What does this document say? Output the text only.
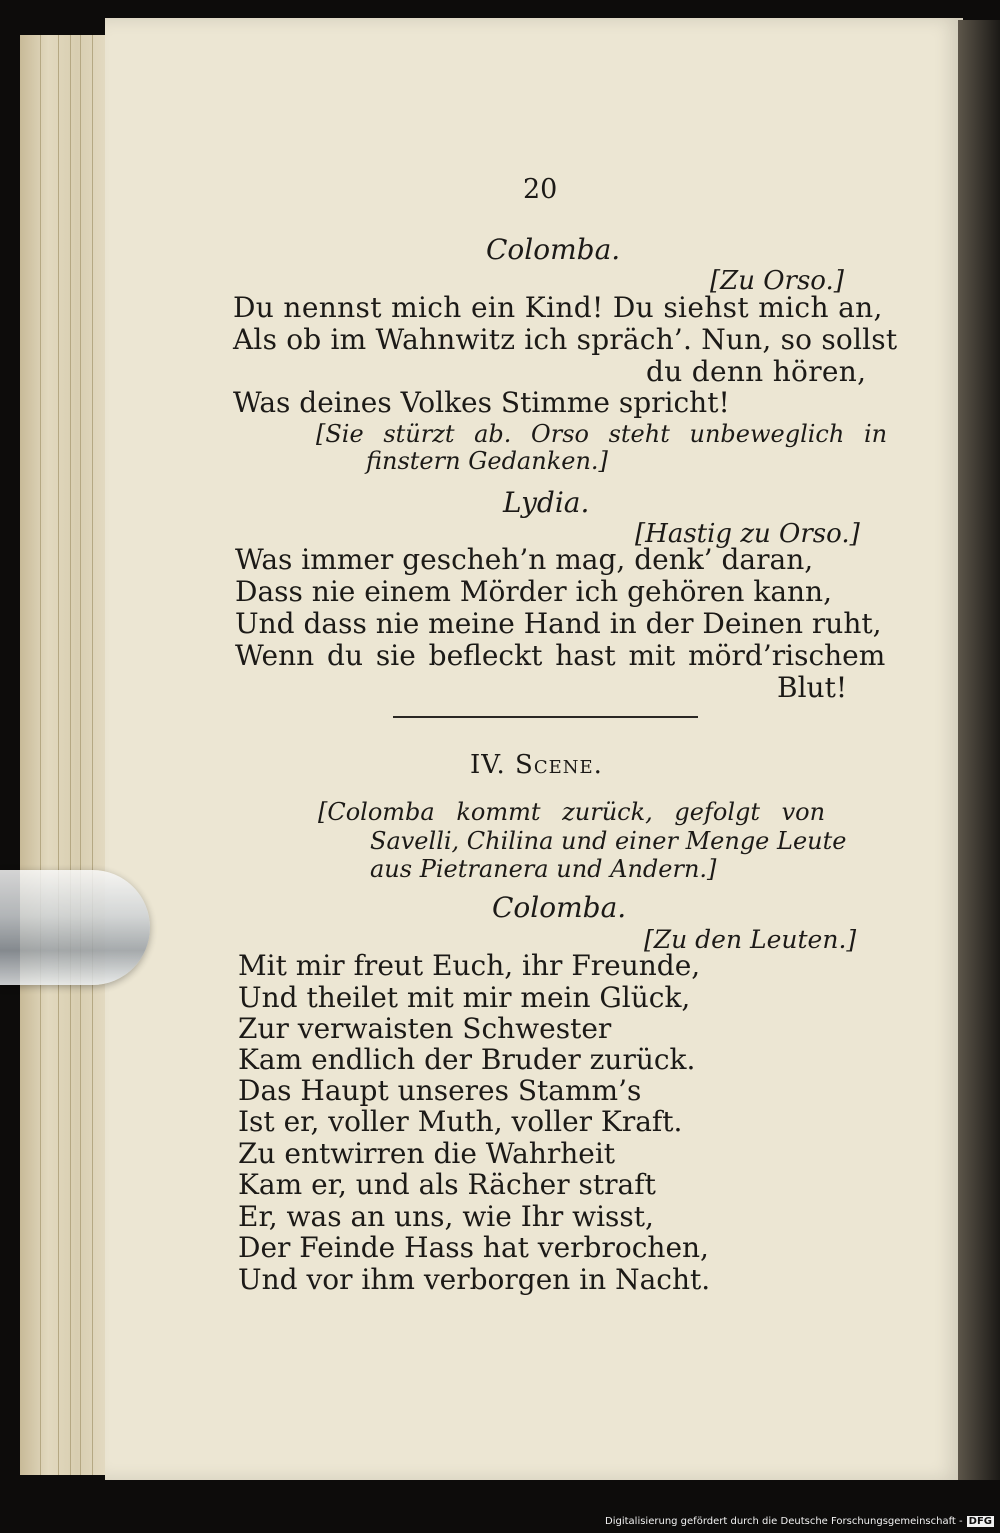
20
Colomba.
[Zu Orso.]
Du nennst mich ein Kind! Du siehst mich an,
Als ob im Wahnwitz ich spräch’. Nun, so sollst
du denn hören,
Was deines Volkes Stimme spricht!
[Sie stürzt ab. Orso steht unbeweglich in
finstern Gedanken.]
Lydia.
[Hastig zu Orso.]
Was immer gescheh’n mag, denk’ daran,
Dass nie einem Mörder ich gehören kann,
Und dass nie meine Hand in der Deinen ruht,
Wenn du sie befleckt hast mit mörd’rischem
Blut!
IV. Scene.
[Colomba kommt zurück, gefolgt von
Savelli, Chilina und einer Menge Leute
aus Pietranera und Andern.]
Colomba.
[Zu den Leuten.]
Mit mir freut Euch, ihr Freunde,
Und theilet mit mir mein Glück,
Zur verwaisten Schwester
Kam endlich der Bruder zurück.
Das Haupt unseres Stamm’s
Ist er, voller Muth, voller Kraft.
Zu entwirren die Wahrheit
Kam er, und als Rächer straft
Er, was an uns, wie Ihr wisst,
Der Feinde Hass hat verbrochen,
Und vor ihm verborgen in Nacht.
Digitalisierung gefördert durch die Deutsche Forschungsgemeinschaft - DFG
